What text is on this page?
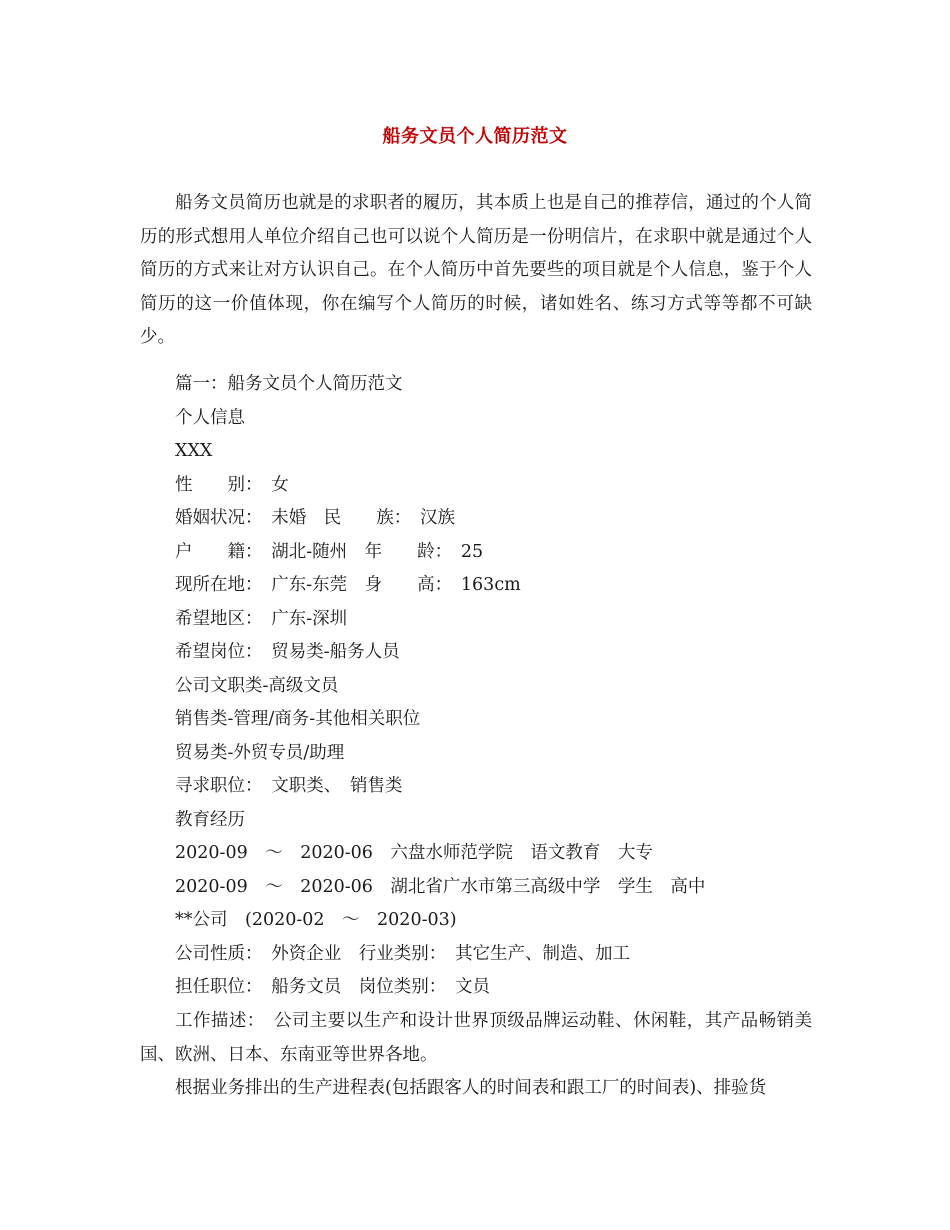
船务文员个人简历范文

船务文员简历也就是的求职者的履历，其本质上也是自己的推荐信，通过的个人简历的形式想用人单位介绍自己也可以说个人简历是一份明信片，在求职中就是通过个人简历的方式来让对方认识自己。在个人简历中首先要些的项目就是个人信息，鉴于个人简历的这一价值体现，你在编写个人简历的时候，诸如姓名、练习方式等等都不可缺少。

篇一：船务文员个人简历范文
个人信息
XXX
性　　别：　女
婚姻状况：　未婚　民　　族：　汉族
户　　籍：　湖北-随州　年　　龄：　25
现所在地：　广东-东莞　身　　高：　163cm
希望地区：　广东-深圳
希望岗位：　贸易类-船务人员
公司文职类-高级文员
销售类-管理/商务-其他相关职位
贸易类-外贸专员/助理
寻求职位：　文职类、　销售类
教育经历
2020-09　～　2020-06　六盘水师范学院　语文教育　大专
2020-09　～　2020-06　湖北省广水市第三高级中学　学生　高中
**公司　(2020-02　～　2020-03)
公司性质：　外资企业　行业类别：　其它生产、制造、加工
担任职位：　船务文员　岗位类别：　文员

工作描述：　公司主要以生产和设计世界顶级品牌运动鞋、休闲鞋，其产品畅销美国、欧洲、日本、东南亚等世界各地。

根据业务排出的生产进程表(包括跟客人的时间表和跟工厂的时间表)、排验货
